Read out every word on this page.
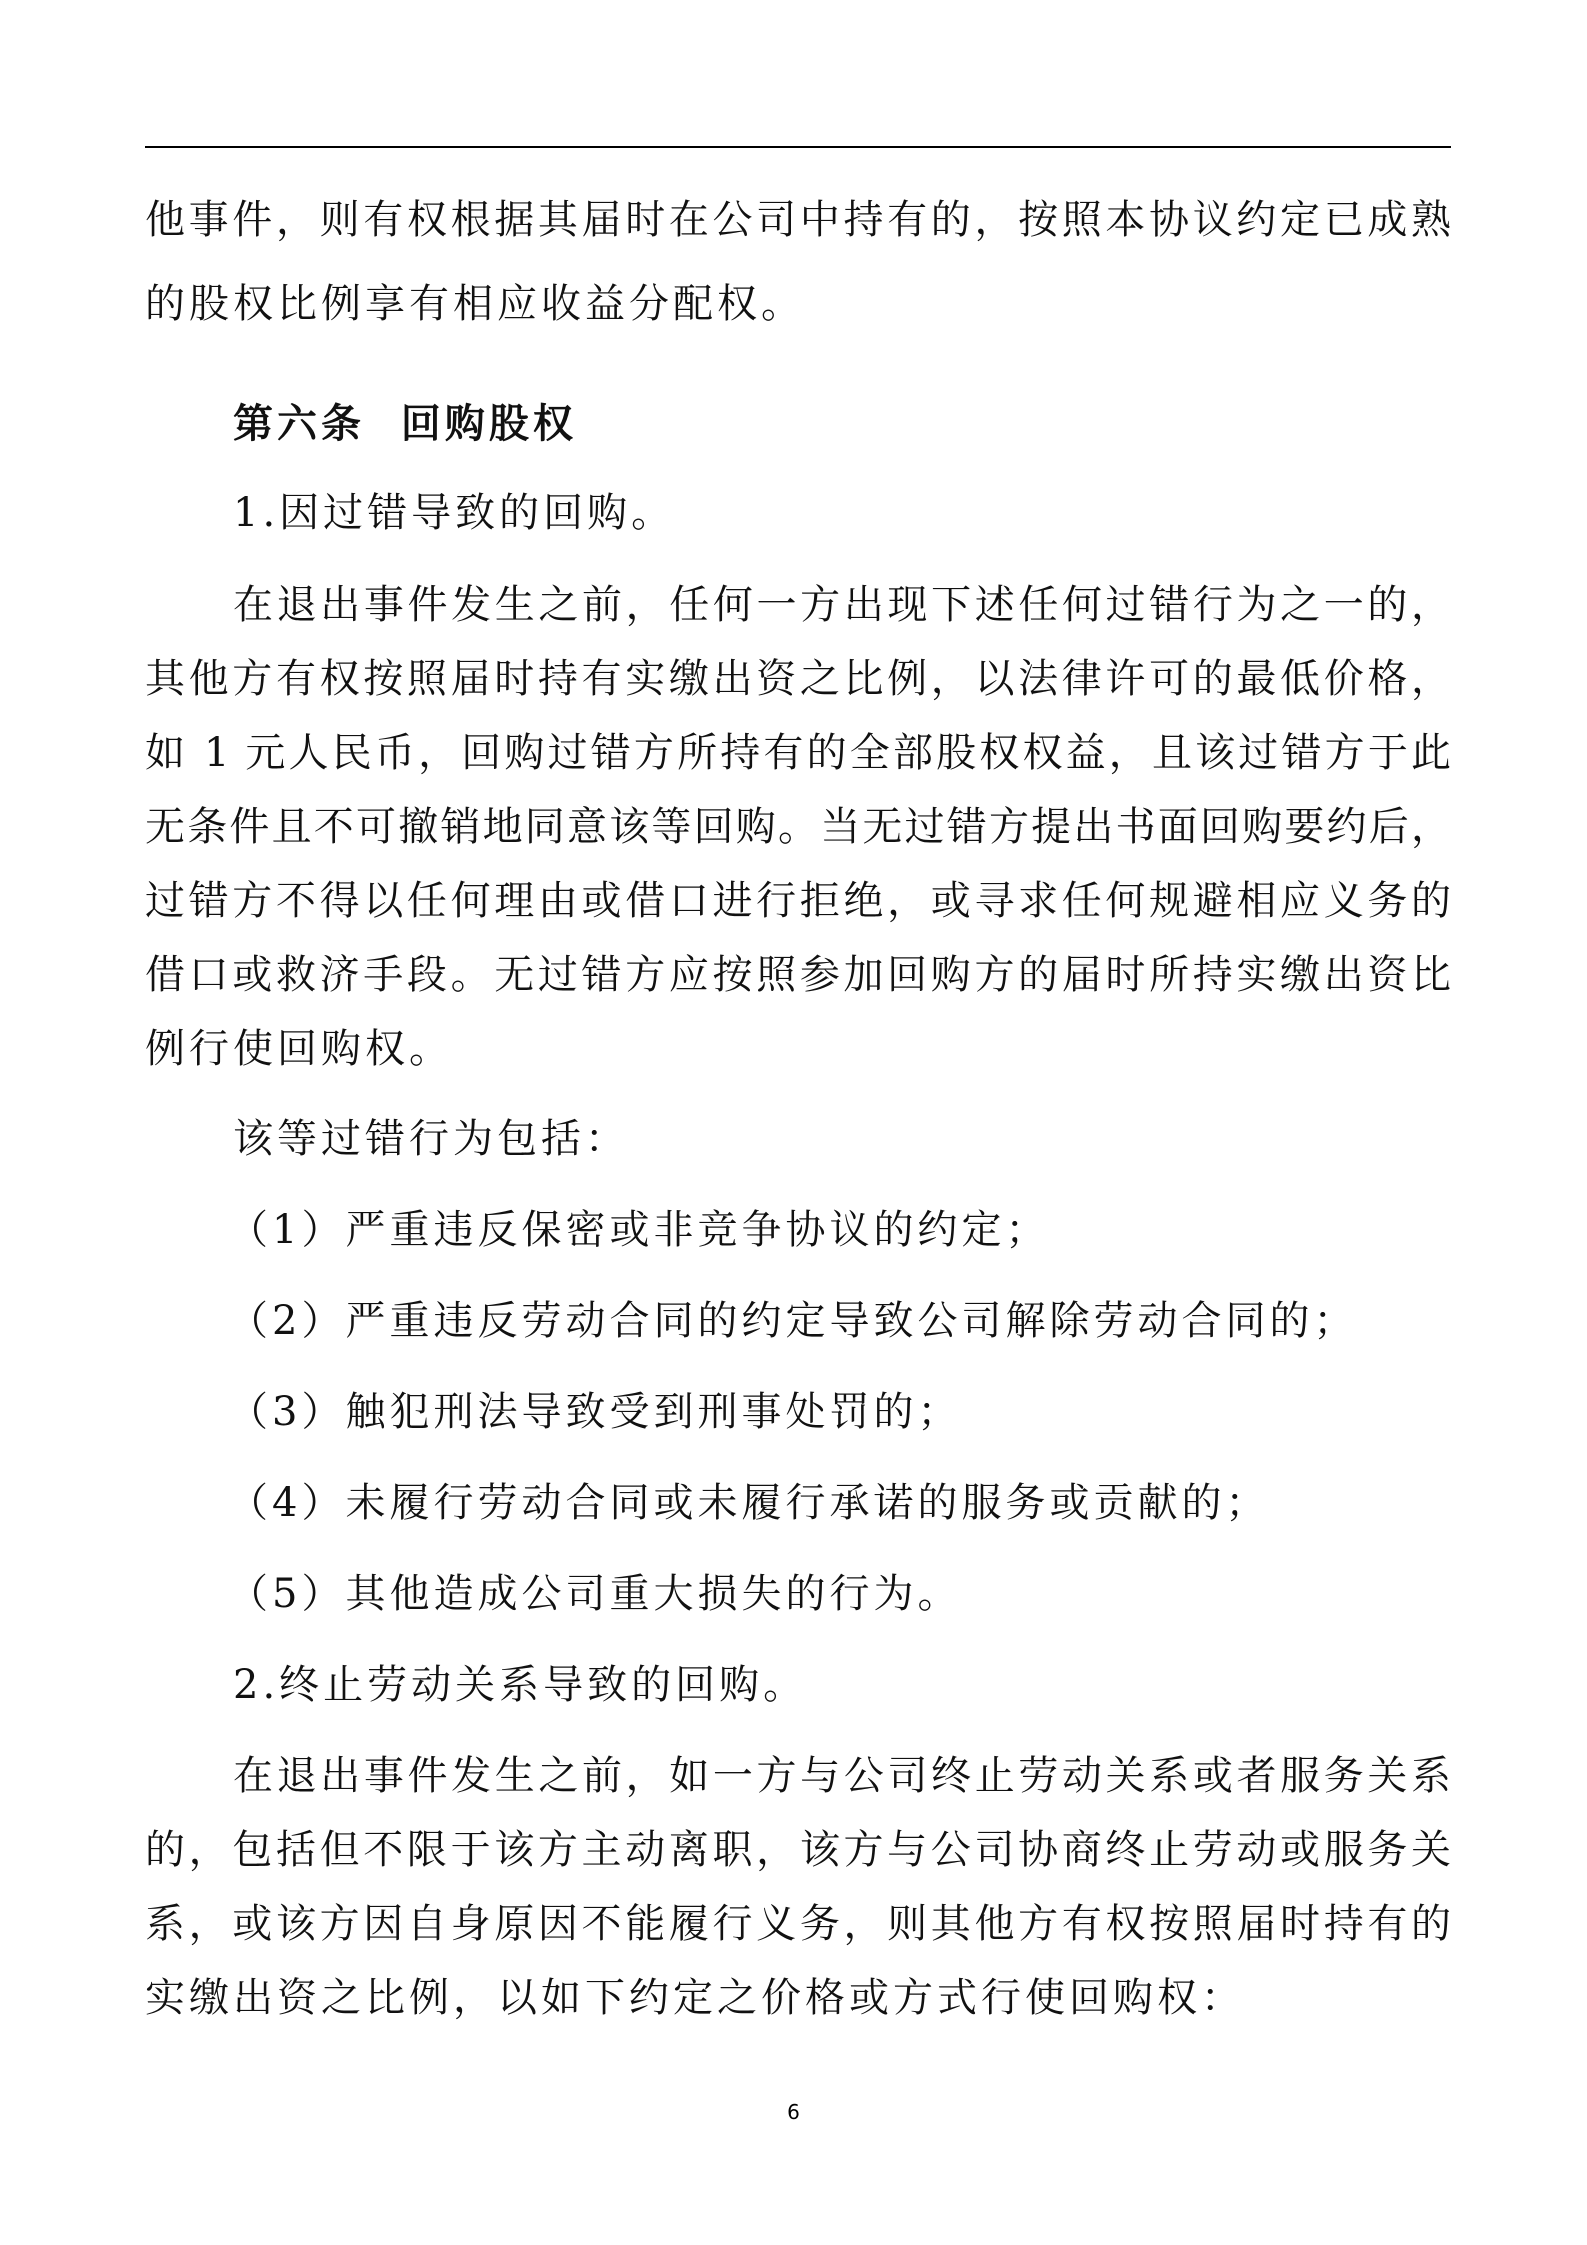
他事件，则有权根据其届时在公司中持有的，按照本协议约定已成熟
的股权比例享有相应收益分配权。
第六条  回购股权
1.因过错导致的回购。
在退出事件发生之前，任何一方出现下述任何过错行为之一的，
其他方有权按照届时持有实缴出资之比例，以法律许可的最低价格，
如 1 元人民币，回购过错方所持有的全部股权权益，且该过错方于此
无条件且不可撤销地同意该等回购。当无过错方提出书面回购要约后，
过错方不得以任何理由或借口进行拒绝，或寻求任何规避相应义务的
借口或救济手段。无过错方应按照参加回购方的届时所持实缴出资比
例行使回购权。
该等过错行为包括：
（1）严重违反保密或非竞争协议的约定；
（2）严重违反劳动合同的约定导致公司解除劳动合同的；
（3）触犯刑法导致受到刑事处罚的；
（4）未履行劳动合同或未履行承诺的服务或贡献的；
（5）其他造成公司重大损失的行为。
2.终止劳动关系导致的回购。
在退出事件发生之前，如一方与公司终止劳动关系或者服务关系
的，包括但不限于该方主动离职，该方与公司协商终止劳动或服务关
系，或该方因自身原因不能履行义务，则其他方有权按照届时持有的
实缴出资之比例，以如下约定之价格或方式行使回购权：
6
